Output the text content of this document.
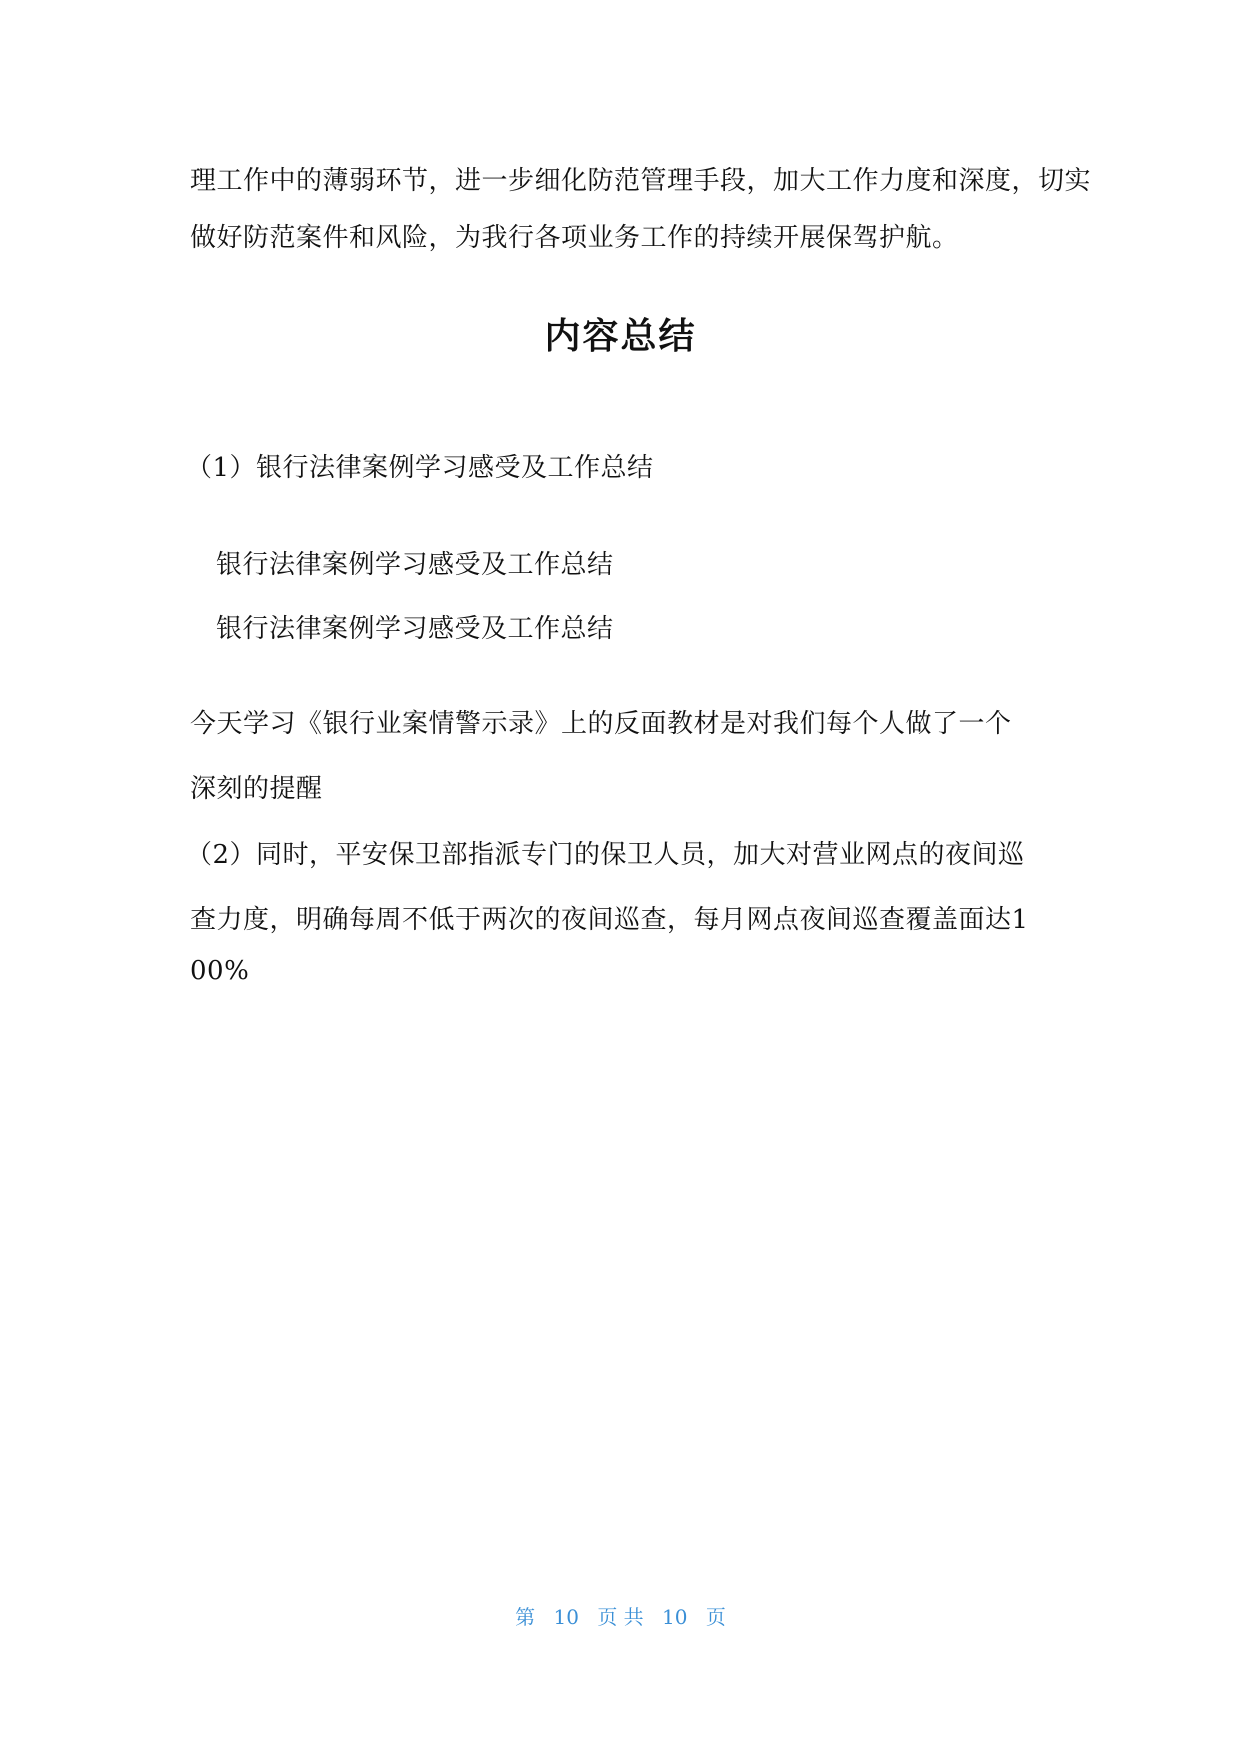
理工作中的薄弱环节，进一步细化防范管理手段，加大工作力度和深度，切实
做好防范案件和风险，为我行各项业务工作的持续开展保驾护航。
内容总结
（1）银行法律案例学习感受及工作总结
银行法律案例学习感受及工作总结
银行法律案例学习感受及工作总结
今天学习《银行业案情警示录》上的反面教材是对我们每个人做了一个
深刻的提醒
（2）同时，平安保卫部指派专门的保卫人员，加大对营业网点的夜间巡
查力度，明确每周不低于两次的夜间巡查，每月网点夜间巡查覆盖面达1
00%
第 10 页 共 10 页
